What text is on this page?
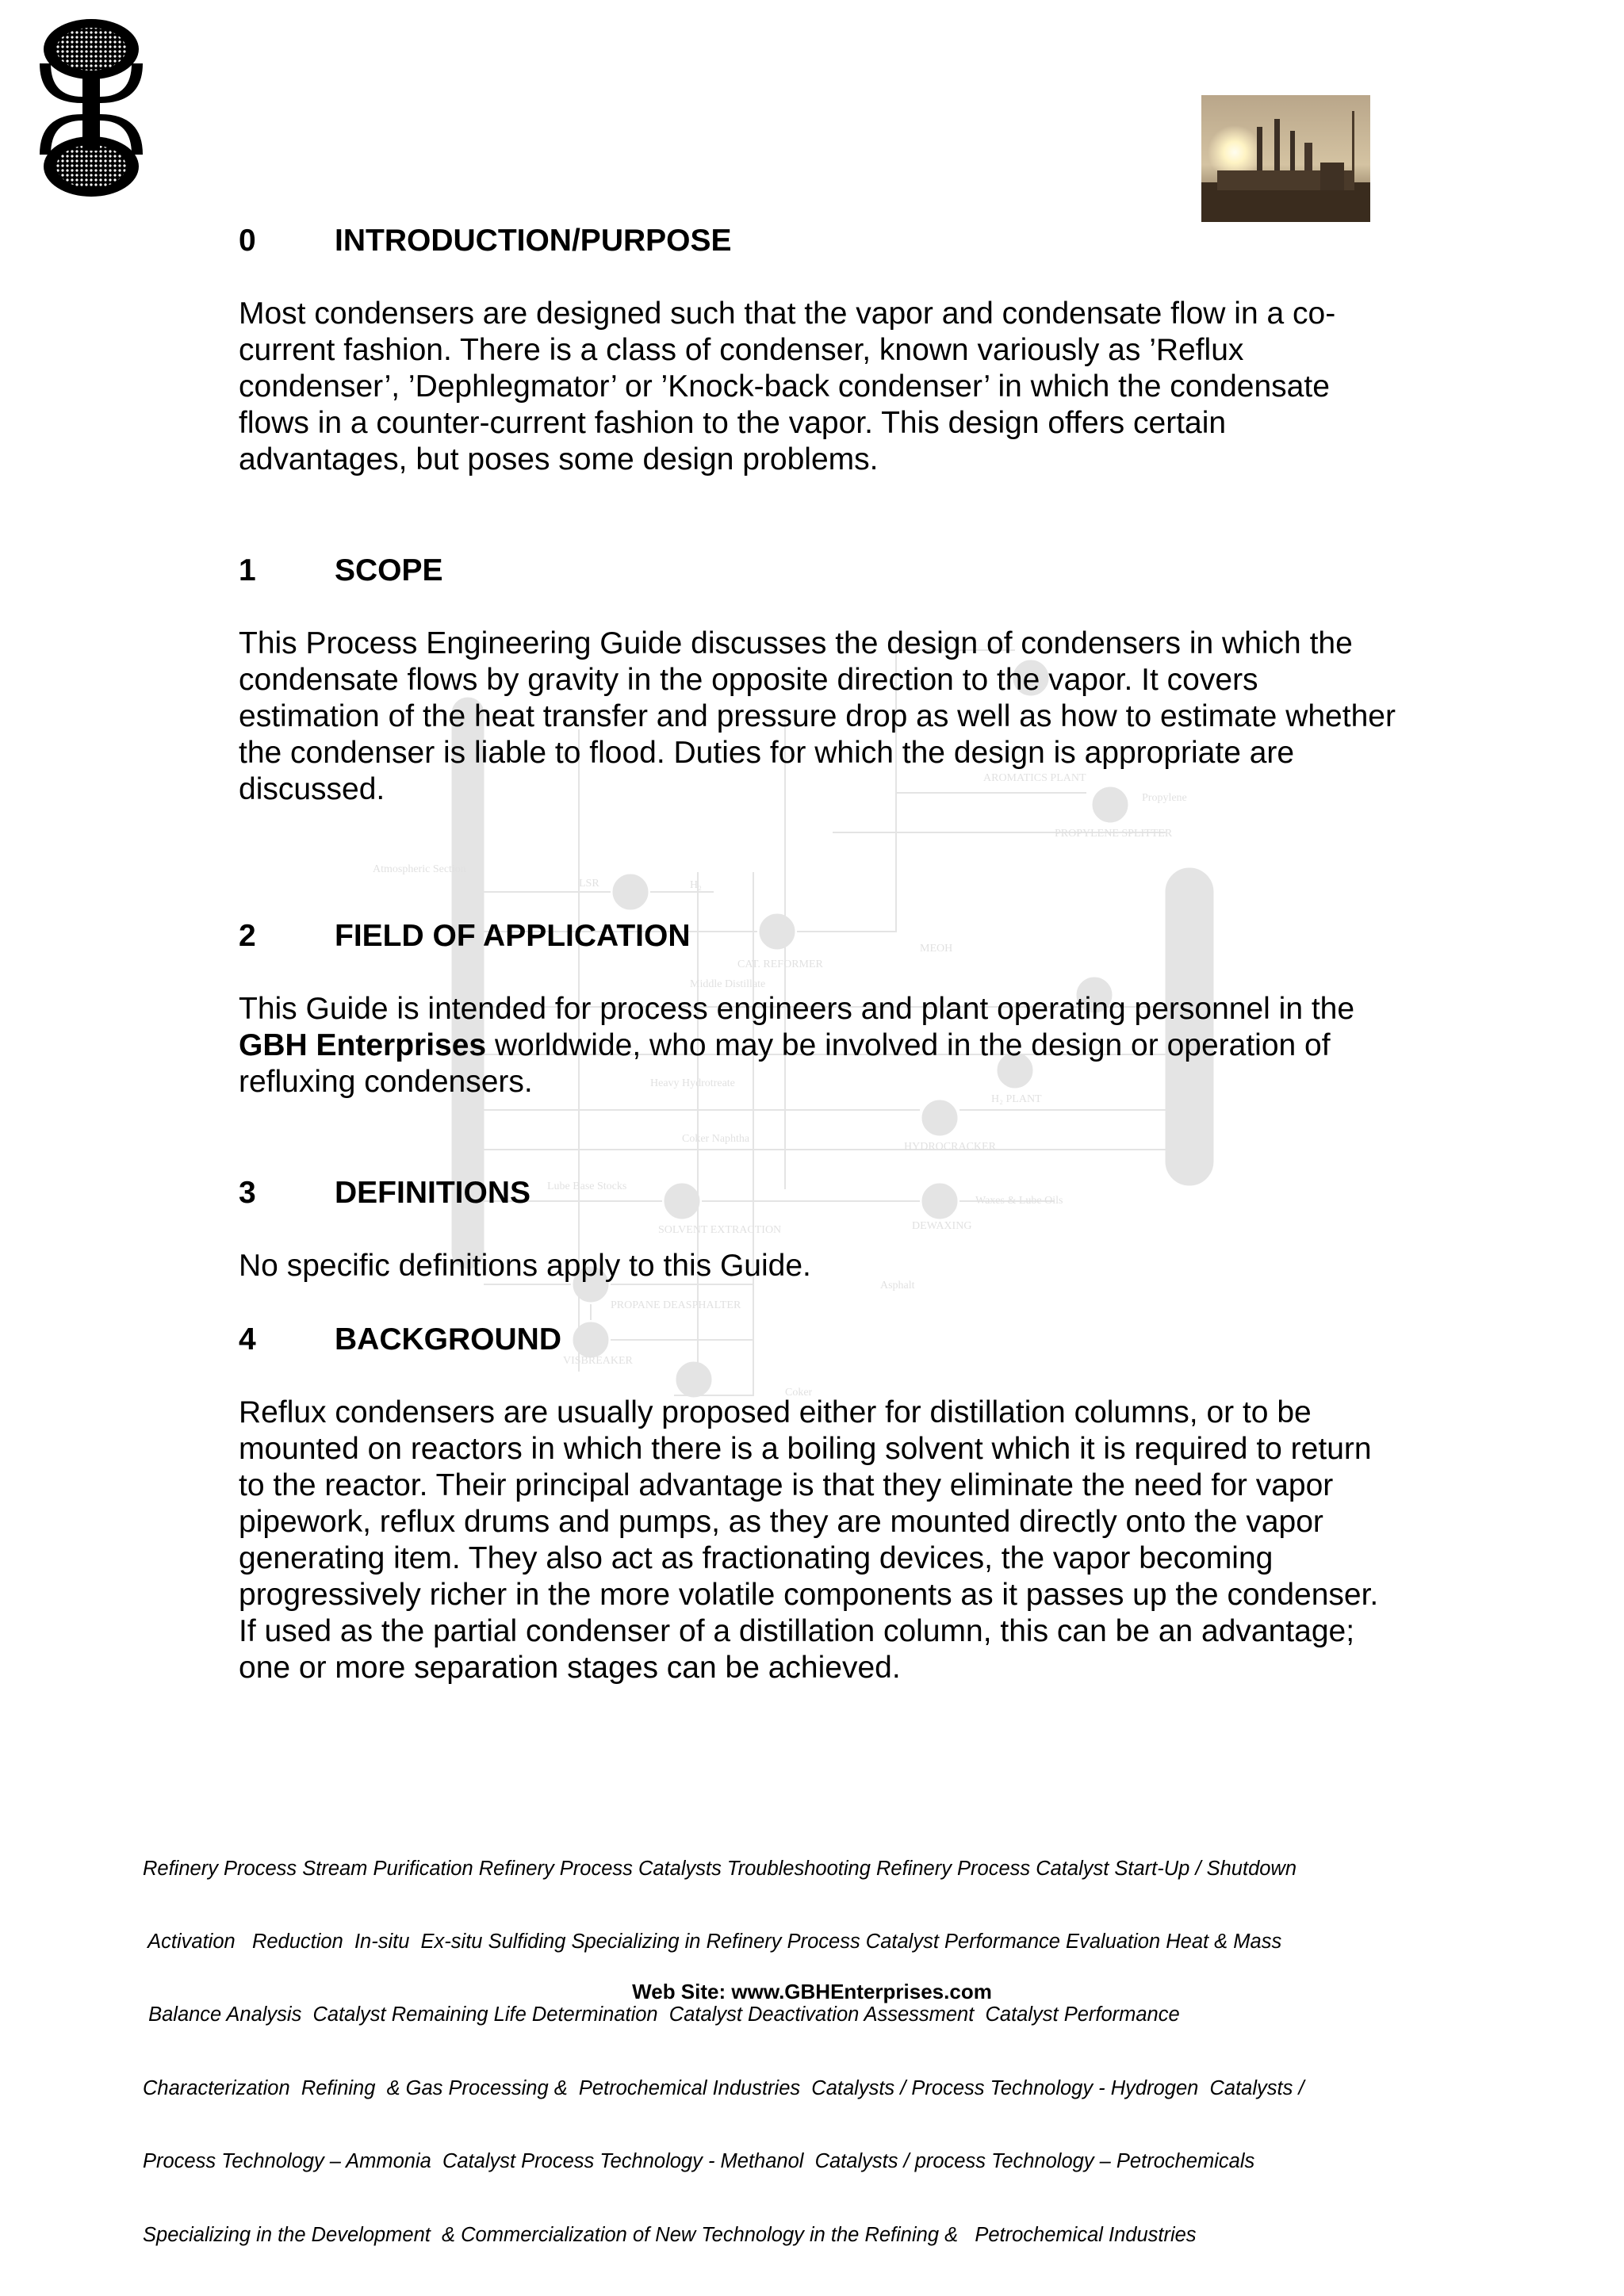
Atmospheric Section
LSR	H₂
CAT. REFORMER
MEOH
AROMATICS PLANT
Propylene
PROPYLENE SPLITTER
Middle Distillate
Heavy Hydrotreate
Coker Naphtha
H₂ PLANT
HYDROCRACKER
Lube Base Stocks
SOLVENT EXTRACTION	DEWAXING
Waxes & Lube Oils
PROPANE DEASPHALTER
Asphalt
VISBREAKER
Coker
0	INTRODUCTION/PURPOSE
Most condensers are designed such that the vapor and condensate flow in a co-current fashion. There is a class of condenser, known variously as ’Reflux condenser’, ’Dephlegmator’ or ’Knock-back condenser’ in which the condensate flows in a counter-current fashion to the vapor. This design offers certain advantages, but poses some design problems.
1	SCOPE
This Process Engineering Guide discusses the design of condensers in which the condensate flows by gravity in the opposite direction to the vapor. It covers estimation of the heat transfer and pressure drop as well as how to estimate whether the condenser is liable to flood. Duties for which the design is appropriate are discussed.
2	FIELD OF APPLICATION
This Guide is intended for process engineers and plant operating personnel in the GBH Enterprises worldwide, who may be involved in the design or operation of refluxing condensers.
3	DEFINITIONS
No specific definitions apply to this Guide.
4	BACKGROUND
Reflux condensers are usually proposed either for distillation columns, or to be mounted on reactors in which there is a boiling solvent which it is required to return to the reactor. Their principal advantage is that they eliminate the need for vapor pipework, reflux drums and pumps, as they are mounted directly onto the vapor generating item. They also act as fractionating devices, the vapor becoming progressively richer in the more volatile components as it passes up the condenser. If used as the partial condenser of a distillation column, this can be an advantage; one or more separation stages can be achieved.

Refinery Process Stream Purification Refinery Process Catalysts Troubleshooting Refinery Process Catalyst Start-Up / Shutdown

Activation   Reduction  In-situ  Ex-situ Sulfiding Specializing in Refinery Process Catalyst Performance Evaluation Heat & Mass

Balance Analysis  Catalyst Remaining Life Determination  Catalyst Deactivation Assessment  Catalyst Performance

Characterization  Refining  & Gas Processing &  Petrochemical Industries  Catalysts / Process Technology - Hydrogen  Catalysts /

Process Technology – Ammonia  Catalyst Process Technology - Methanol  Catalysts / process Technology – Petrochemicals

Specializing in the Development  & Commercialization of New Technology in the Refining &   Petrochemical Industries

Web Site: www.GBHEnterprises.com
